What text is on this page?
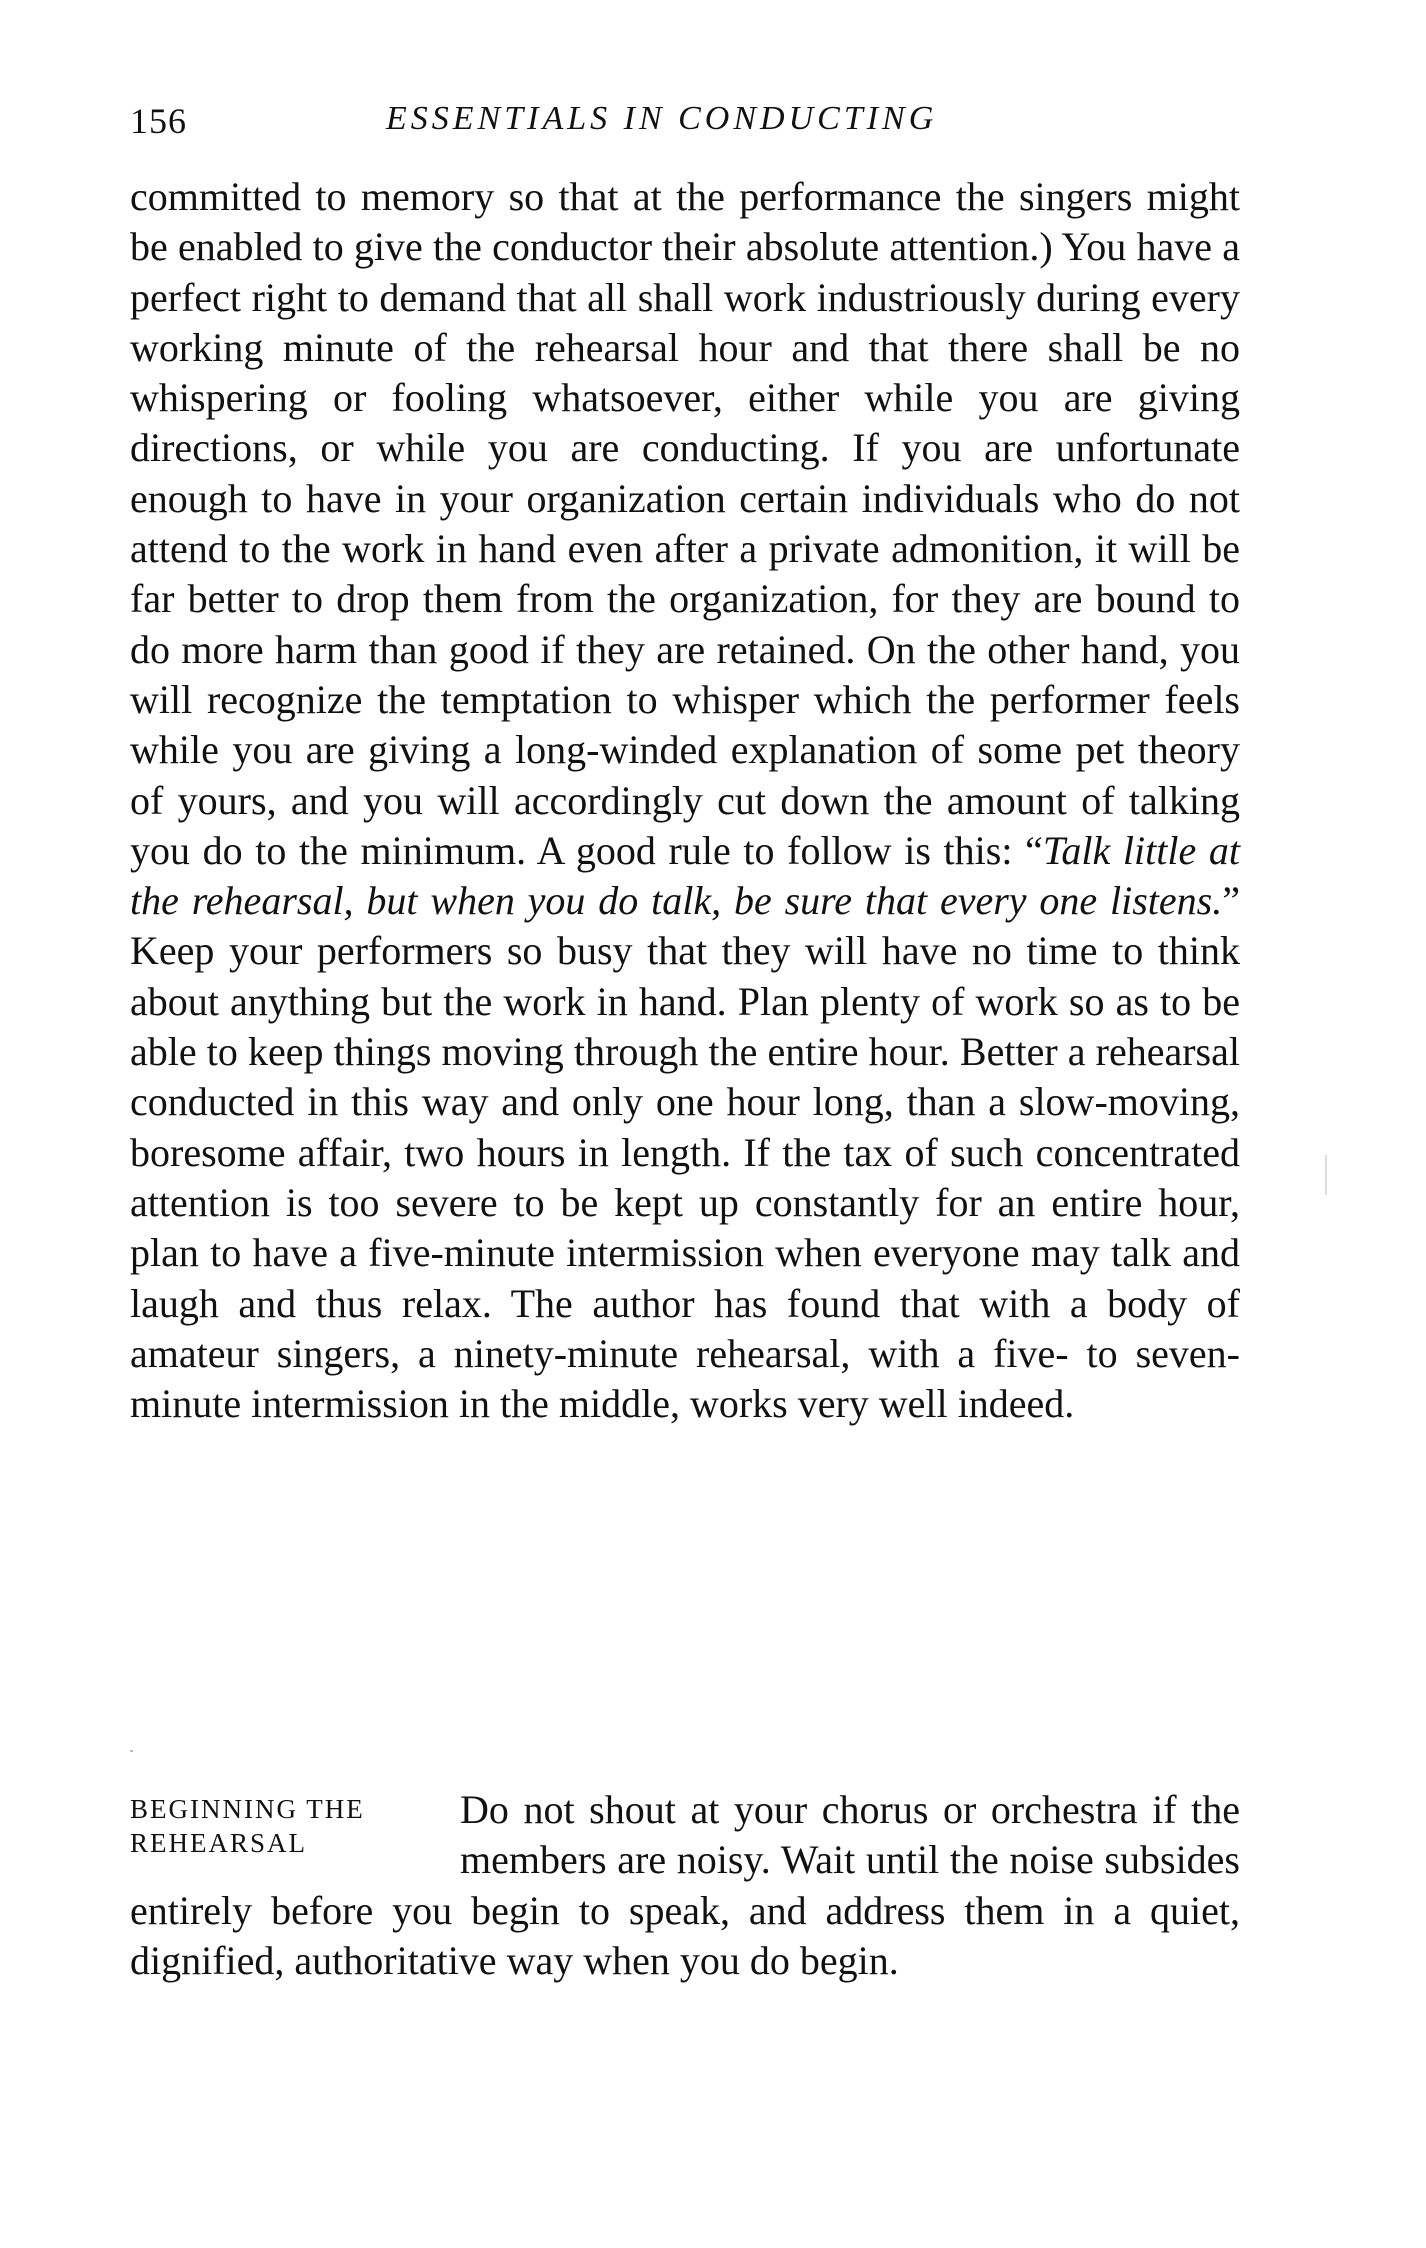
156	ESSENTIALS IN CONDUCTING

committed to memory so that at the performance the singers might be enabled to give the conductor their absolute attention.) You have a perfect right to demand that all shall work industriously during every working minute of the rehearsal hour and that there shall be no whispering or fooling whatsoever, either while you are giving directions, or while you are conducting. If you are unfortunate enough to have in your organization certain individuals who do not attend to the work in hand even after a private admonition, it will be far better to drop them from the organization, for they are bound to do more harm than good if they are retained. On the other hand, you will recognize the temptation to whisper which the performer feels while you are giving a long-winded explanation of some pet theory of yours, and you will accordingly cut down the amount of talking you do to the minimum. A good rule to follow is this: “Talk little at the rehearsal, but when you do talk, be sure that every one listens.” Keep your performers so busy that they will have no time to think about anything but the work in hand. Plan plenty of work so as to be able to keep things moving through the entire hour. Better a rehearsal conducted in this way and only one hour long, than a slow-moving, boresome affair, two hours in length. If the tax of such concentrated attention is too severe to be kept up constantly for an entire hour, plan to have a five-minute intermission when everyone may talk and laugh and thus relax. The author has found that with a body of amateur singers, a ninety-minute rehearsal, with a five- to seven-minute intermission in the middle, works very well indeed.

BEGINNING THE
REHEARSAL

Do not shout at your chorus or orchestra if the members are noisy. Wait until the noise subsides entirely before you begin to speak, and address them in a quiet, dignified, authoritative way when you do begin.
